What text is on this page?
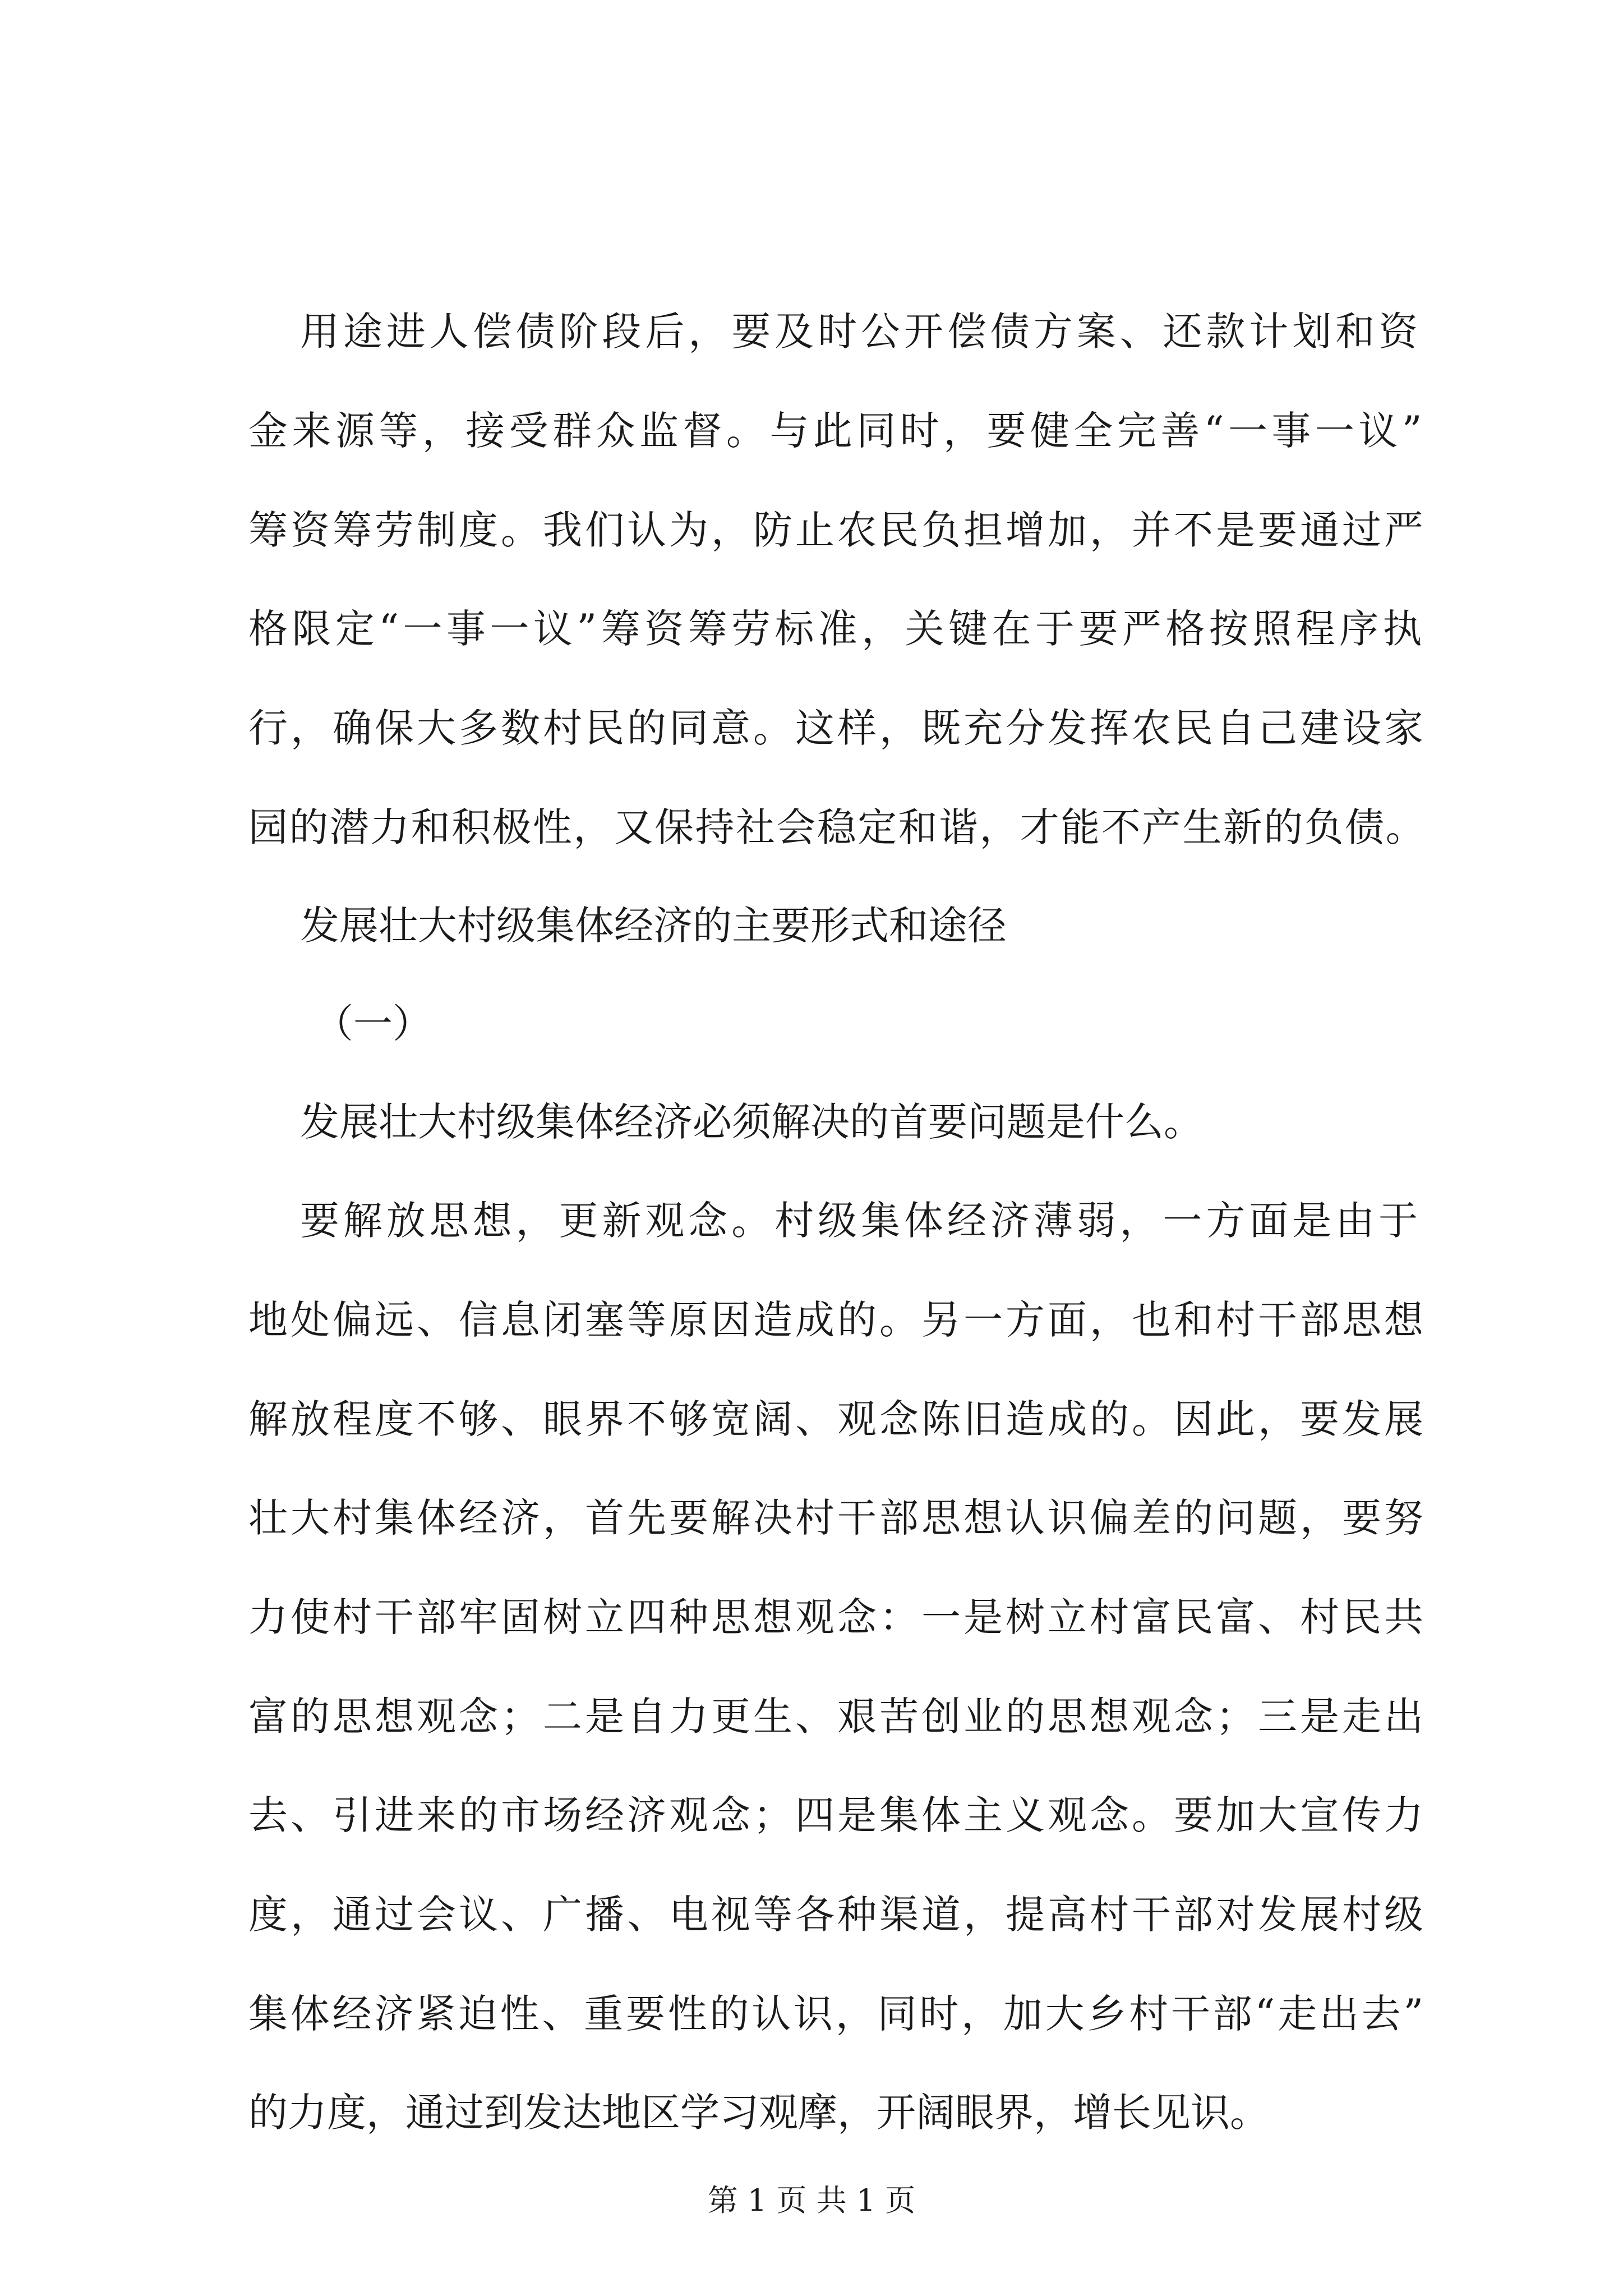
用途进人偿债阶段后，要及时公开偿债方案、还款计划和资
金来源等，接受群众监督。与此同时，要健全完善“一事一议”
筹资筹劳制度。我们认为，防止农民负担增加，并不是要通过严
格限定“一事一议”筹资筹劳标准，关键在于要严格按照程序执
行，确保大多数村民的同意。这样，既充分发挥农民自己建设家
园的潜力和积极性，又保持社会稳定和谐，才能不产生新的负债。
发展壮大村级集体经济的主要形式和途径
（一）
发展壮大村级集体经济必须解决的首要问题是什么。
要解放思想，更新观念。村级集体经济薄弱，一方面是由于
地处偏远、信息闭塞等原因造成的。另一方面，也和村干部思想
解放程度不够、眼界不够宽阔、观念陈旧造成的。因此，要发展
壮大村集体经济，首先要解决村干部思想认识偏差的问题，要努
力使村干部牢固树立四种思想观念：一是树立村富民富、村民共
富的思想观念；二是自力更生、艰苦创业的思想观念；三是走出
去、引进来的市场经济观念；四是集体主义观念。要加大宣传力
度，通过会议、广播、电视等各种渠道，提高村干部对发展村级
集体经济紧迫性、重要性的认识，同时，加大乡村干部“走出去”
的力度，通过到发达地区学习观摩，开阔眼界，增长见识。
第 1 页 共 1 页
